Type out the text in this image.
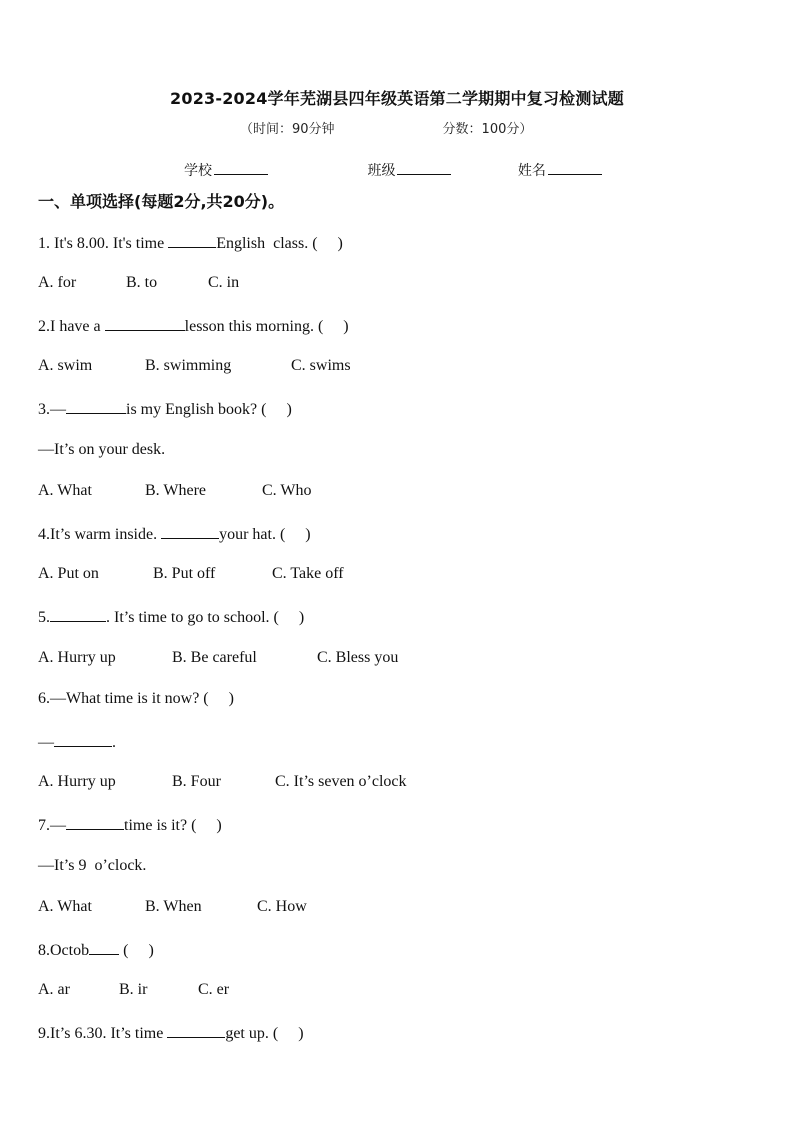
2023-2024学年芜湖县四年级英语第二学期期中复习检测试题
（时间：90分钟	分数：100分）
学校	班级	姓名
一、单项选择(每题2分,共20分)。
1. It's 8.00. It's time	English  class. (     )
A. for	B. to	C. in
2.I have a	lesson this morning. (     )
A. swim	B. swimming	C. swims
3.—	is my English book? (     )
—It’s on your desk.
A. What	B. Where	C. Who
4.It’s warm inside.	your hat. (     )
A. Put on	B. Put off	C. Take off
5.	. It’s time to go to school. (     )
A. Hurry up	B. Be careful	C. Bless you
6.—What time is it now? (     )
—	.
A. Hurry up	B. Four	C. It’s seven o’clock
7.—	time is it? (     )
—It’s 9  o’clock.
A. What	B. When	C. How
8.Octob (     )
A. ar	B. ir	C. er
9.It’s 6.30. It’s time	get up. (     )
